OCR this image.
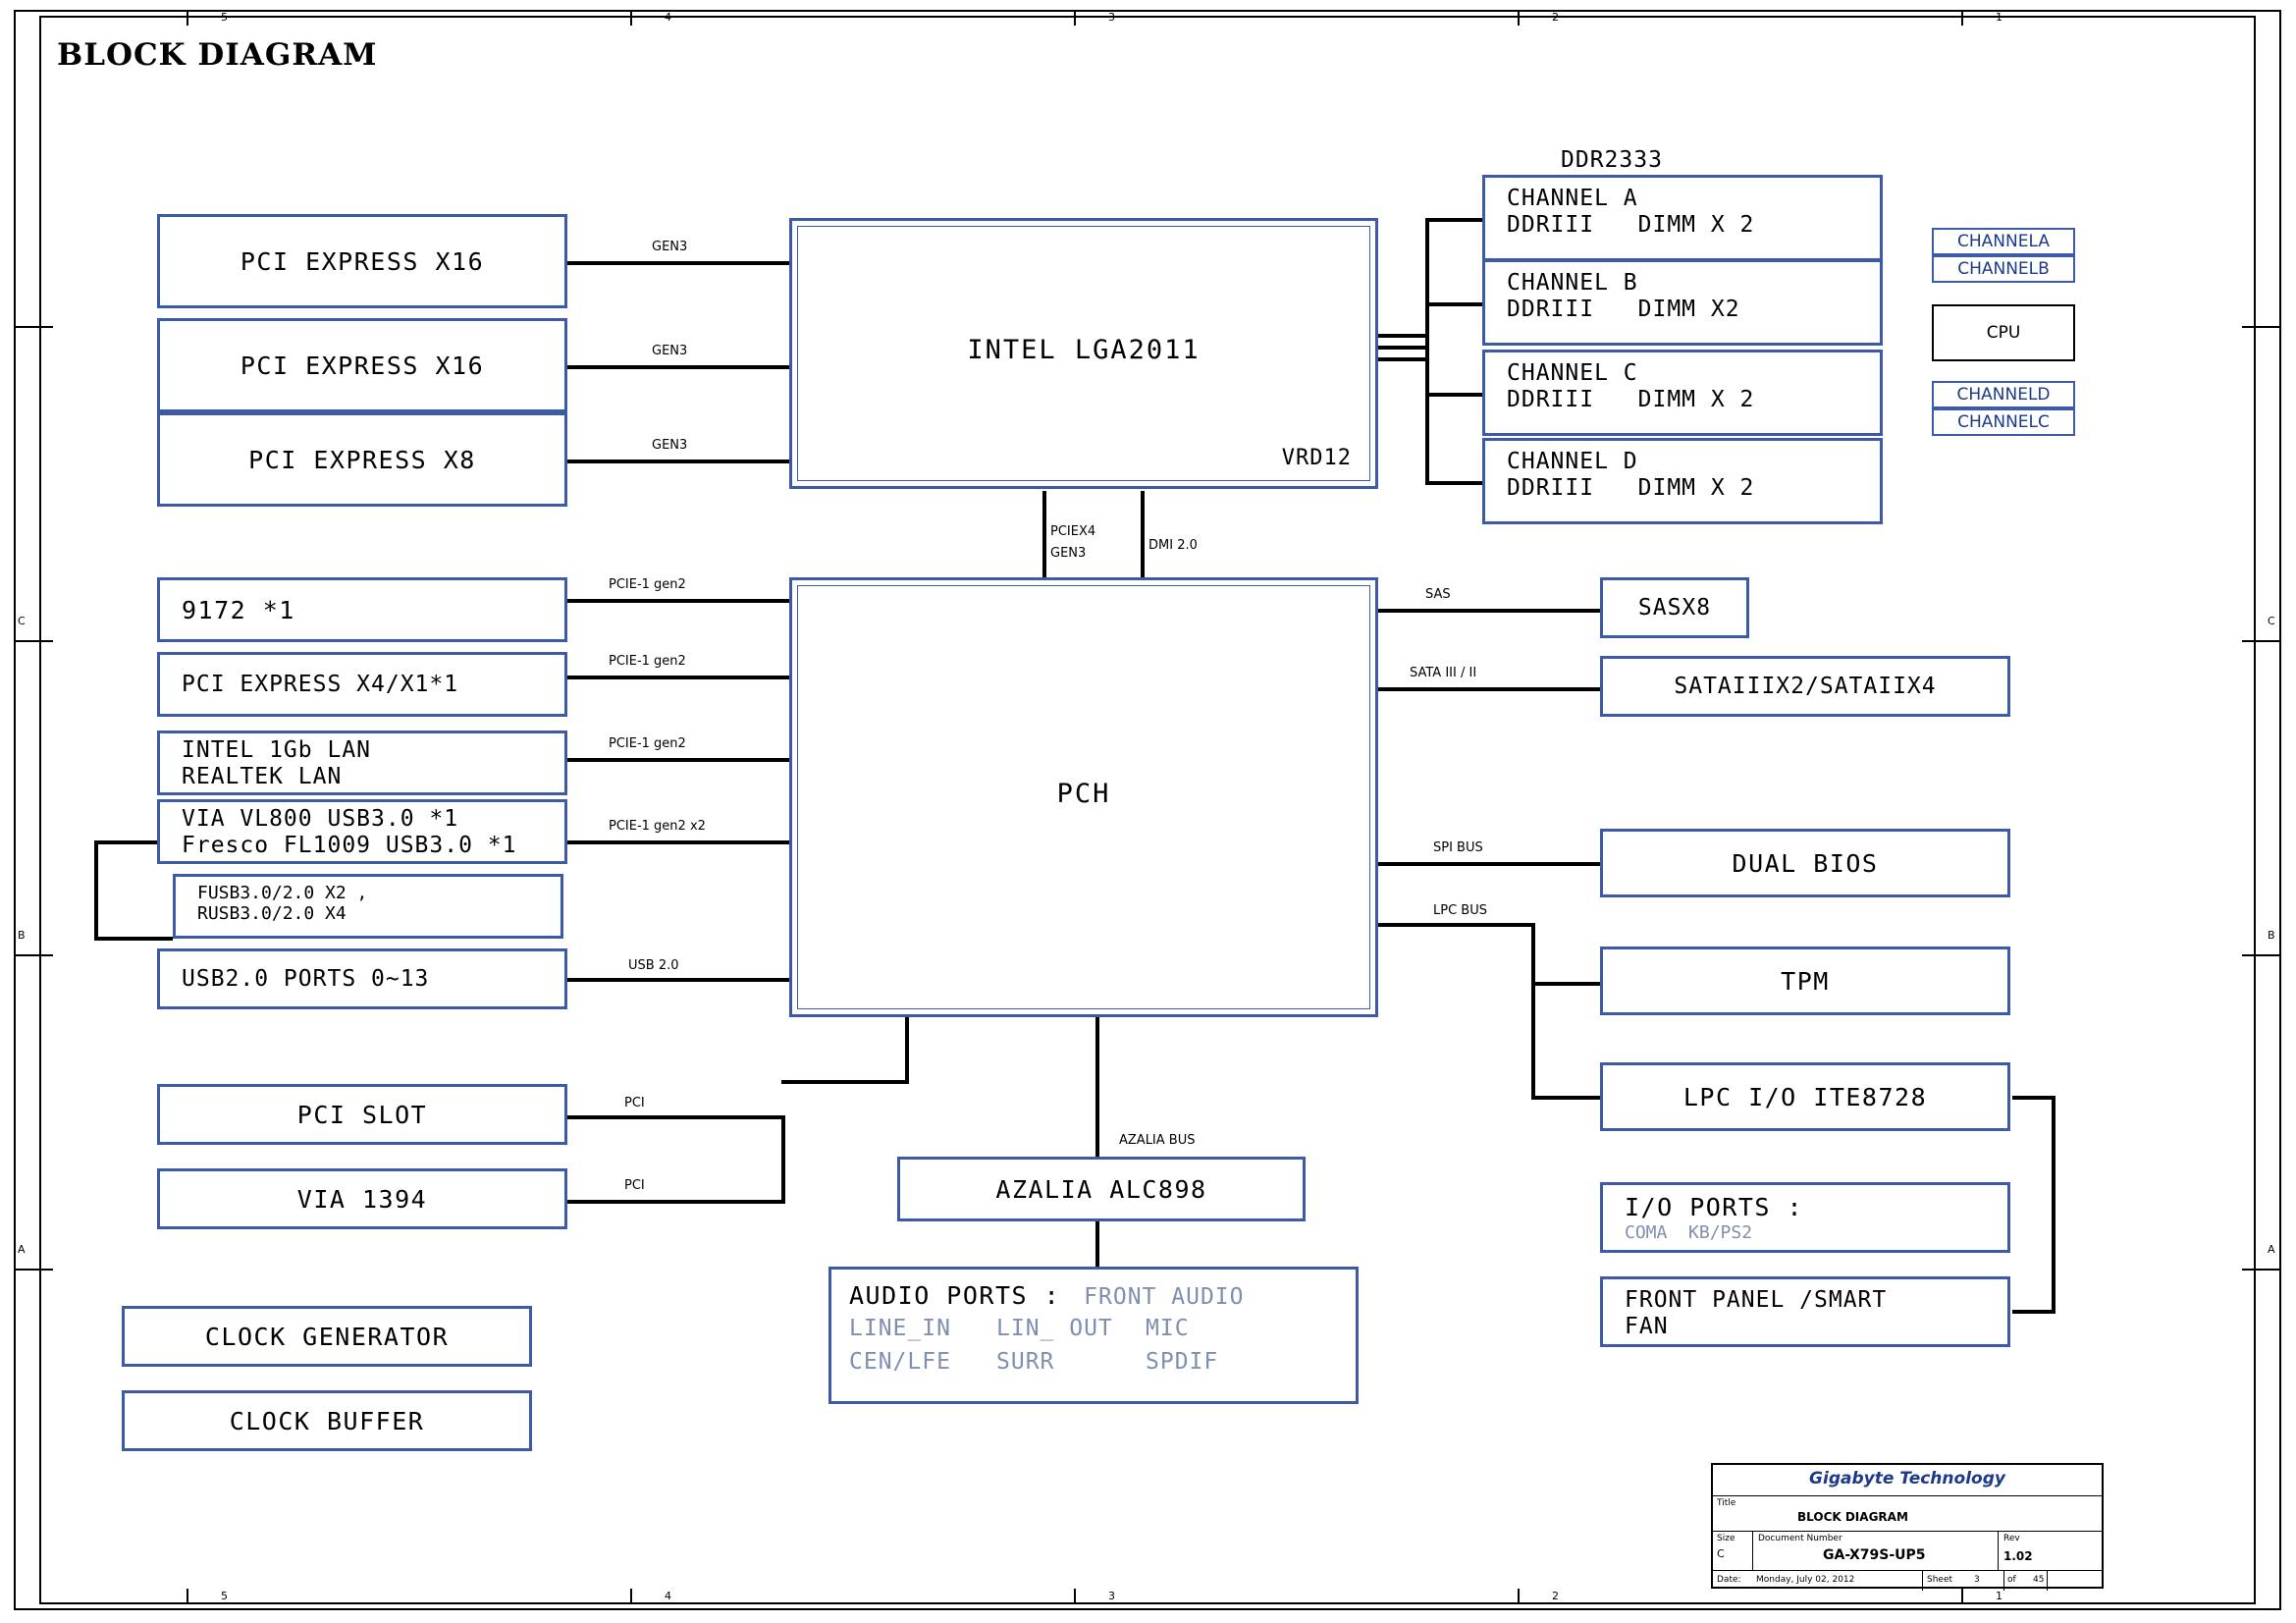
5	4	3	2	1
5	4	3	2	1
C
B
A
C
B
A
BLOCK DIAGRAM
PCI EXPRESS X16
PCI EXPRESS X16
PCI EXPRESS X8
INTEL LGA2011
VRD12
DDR2333
CHANNEL A
DDRIII   DIMM X 2
CHANNEL B
DDRIII   DIMM X2
CHANNEL C
DDRIII   DIMM X 2
CHANNEL D
DDRIII   DIMM X 2
CHANNELA
CHANNELB
CPU
CHANNELD
CHANNELC
9172 *1
PCI EXPRESS X4/X1*1
INTEL 1Gb LAN
REALTEK LAN
VIA VL800 USB3.0 *1
Fresco FL1009 USB3.0 *1
FUSB3.0/2.0 X2 ,
RUSB3.0/2.0 X4
USB2.0 PORTS 0~13
PCH
SASX8
SATAIIIX2/SATAIIX4
DUAL BIOS
TPM
LPC I/O ITE8728
I/O PORTS :
COMA  KB/PS2
FRONT PANEL /SMART
FAN
PCI SLOT
VIA 1394
CLOCK GENERATOR
CLOCK BUFFER
AZALIA ALC898
AUDIO PORTS : FRONT AUDIO
LINE_IN	LIN_ OUT	MIC
CEN/LFE	SURR	SPDIF
GEN3
GEN3
GEN3
PCIEX4
GEN3
DMI 2.0
PCIE-1 gen2
PCIE-1 gen2
PCIE-1 gen2
PCIE-1 gen2 x2
USB 2.0
SAS
SATA III / II
SPI BUS
LPC BUS
PCI
PCI
AZALIA BUS
Gigabyte Technology
Title
BLOCK DIAGRAM
Size
C
Document Number
GA-X79S-UP5
Rev
1.02
Date: Monday, July 02, 2012	Sheet 3	of 45
